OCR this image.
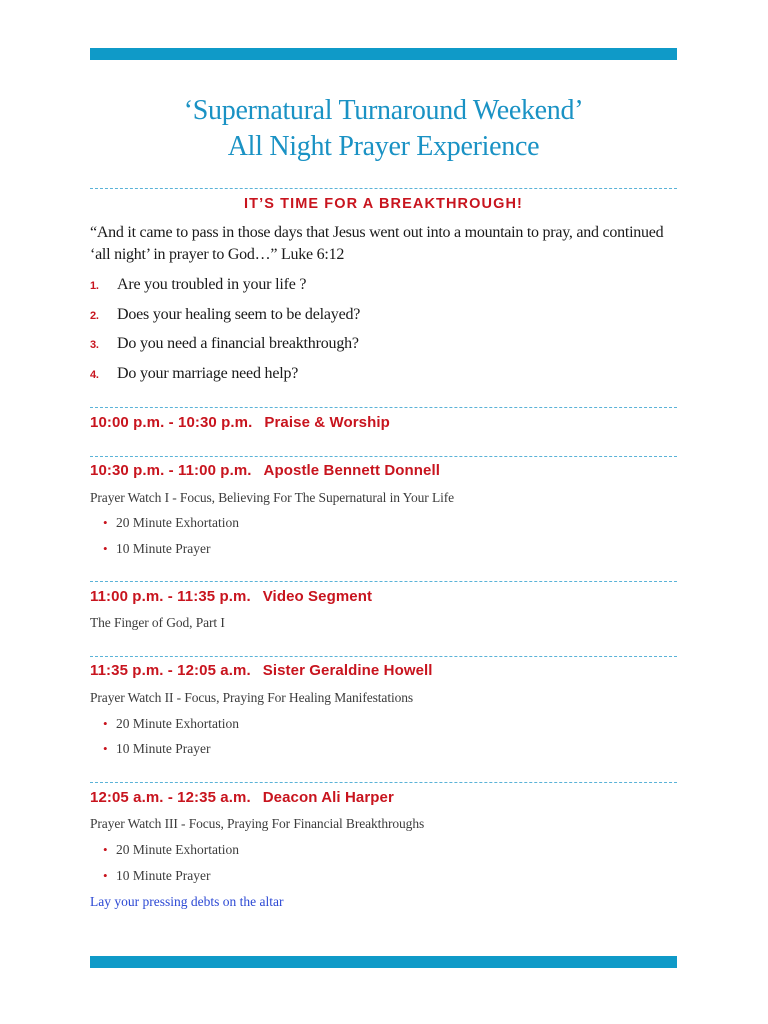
‘Supernatural Turnaround Weekend’
All Night Prayer Experience
IT’S TIME FOR A BREAKTHROUGH!
“And it came to pass in those days that Jesus went out into a mountain to pray, and continued ‘all night’ in prayer to God…” Luke 6:12
1. Are you troubled in your life ?
2. Does your healing seem to be delayed?
3. Do you need a financial breakthrough?
4. Do your marriage need help?
10:00 p.m. - 10:30 p.m. Praise & Worship
10:30 p.m. - 11:00 p.m. Apostle Bennett Donnell
Prayer Watch I - Focus, Believing For The Supernatural in Your Life
• 20 Minute Exhortation
• 10 Minute Prayer
11:00 p.m. - 11:35 p.m. Video Segment
The Finger of God, Part I
11:35 p.m. - 12:05 a.m. Sister Geraldine Howell
Prayer Watch II - Focus, Praying For Healing Manifestations
• 20 Minute Exhortation
• 10 Minute Prayer
12:05 a.m. - 12:35 a.m. Deacon Ali Harper
Prayer Watch III - Focus, Praying For Financial Breakthroughs
• 20 Minute Exhortation
• 10 Minute Prayer
Lay your pressing debts on the altar
